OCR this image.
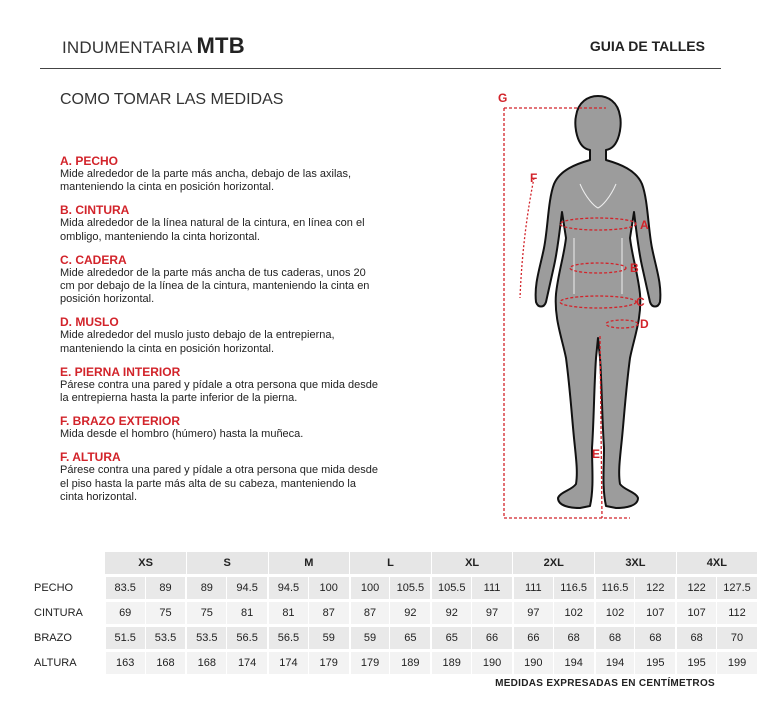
INDUMENTARIA MTB	GUIA DE TALLES
COMO TOMAR LAS MEDIDAS
A. PECHO
Mide alrededor de la parte más ancha, debajo de las axilas, manteniendo la cinta en posición horizontal.
B. CINTURA
Mida alrededor de la línea natural de la cintura, en línea con el ombligo, manteniendo la cinta horizontal.
C. CADERA
Mide alrededor de la parte más ancha de tus caderas, unos 20 cm por debajo de la línea de la cintura, manteniendo la cinta en posición horizontal.
D. MUSLO
Mide alrededor del muslo justo debajo de la entrepierna, manteniendo la cinta en posición horizontal.
E. PIERNA INTERIOR
Párese contra una pared y pídale a otra persona que mida desde la entrepierna hasta la parte inferior de la pierna.
F. BRAZO EXTERIOR
Mida desde el hombro (húmero) hasta la muñeca.
F. ALTURA
Párese contra una pared y pídale a otra persona que mida desde el piso hasta la parte más alta de su cabeza, manteniendo la cinta horizontal.
G
F
A
B
C
D
E
	XS		S		M		L		XL		2XL		3XL		4XL	

PECHO	83.5	89	89	94.5	94.5	100	100	105.5	105.5	111	111	116.5	116.5	122	122	127.5

CINTURA	69	75	75	81	81	87	87	92	92	97	97	102	102	107	107	112

BRAZO	51.5	53.5	53.5	56.5	56.5	59	59	65	65	66	66	68	68	68	68	70

ALTURA	163	168	168	174	174	179	179	189	189	190	190	194	194	195	195	199
MEDIDAS EXPRESADAS EN CENTÍMETROS
